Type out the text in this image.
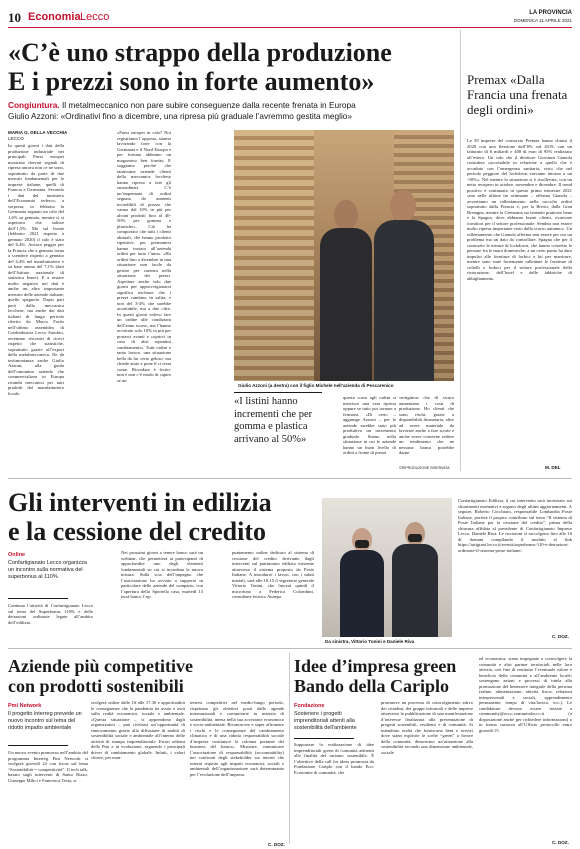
10 Economia Lecco	LA PROVINCIA
DOMENICA 11 APRILE 2021
«C’è uno strappo della produzione
E i prezzi sono in forte aumento»
Congiuntura. Il metalmeccanico non pare subire conseguenze dalla recente frenata in Europa
Giulio Azzoni: «Ordinativi fino a dicembre, una ripresa più graduale l’avremmo gestita meglio»
MARIA G. DELLA VECCHIA
LECCO
In questi giorni i dati della produzione industriale nei principali Paesi europei mostrano chevari segnali di ripresa ancora non ce ne sono, soprattutto da parte di due mercati fondamentali per le imprese italiane, quelli di Francia e Germania. Secondo i dati del ministero dell’Economia tedesco, a sorpresa, in febbraio la Germania segnato un calo del 1,6% su gennaio, mentre ci si aspettava che salisse dell’1,5%. Ma sul fronte (febbraio 2021 rispetto a gennaio 2020) il calo è stato del 6,4%. Ancora peggio per la Francia che a gennaio torna a scendere rispetto a gennaio del 4,4% nel manifatturiero e su base annua del 7,1% (dati dell’Istituto nazionale di statistica Insee). E a restare molto negativo nei dati è anche un altro importante mercato delle aziende italiane, quello spagnolo. Dapis part però dalla meccanica lecchese, ma anche dai dati italiani di lungo periodo riferito da Marco Fortis nell’ultimo assemblea di Confindustria Lecco Sondrio, avremmo riscontri di ricevi rispetto che statistiche, soprattutto grazie all’export della metalmeccanica. Ne dà testimonianza anche Giulio Azzoni, alla guida dell’omonima azienda che commercializza in Europa ricambi meccanici per tutti prodotti dal manifatturiero locale.
«Paesi europei in calo? Noi registriamo l’opposto, stiamo lavorando forte con la Germania e il Nord Europa e per fortuna abbiamo un magazzino ben fornito. E soggiamo perché che tantissime aziende clienti della meccanica lecchese hanno ripreso a fare gli straordinari. C’è un’impennata di ordini segnata da aumenti incredibili di prezzo che vanno dal 10% in più per alcuni prodotti fino al 40-50% per gomma e plastiche». Ciò ha comportato che tutti i clienti abituali, che hanno prodotto ripetitive, per premunirsi hanno inviato all’azienda ordini per tutto l’anno. «Ho ordini fino a dicembre in una situazione non facile da gestire per carenza nella situazione dei prezzi. Aspettare anche solo due giorni per approvvigionarsi significa rischiare che i prezzi cambino in salita, e non del 3-4% che sarebbe accettabile, ma a due cifre. In questi giorni volevo fare un ordine alle condizioni dell’anno scorso, ma l’hanno accettato solo 10% in più per portarci avanti e coprirci in caso di altri repentini cambiamenti». Tutti ordini e tanto lavoro, una situazione bella da far certo geloso, ma chiede aiuto e pone lì ci resta come. Ricordare è lecito: non è non c’è modo di capire se un
Giulio Azzoni (a destra) con il figlio Michele nell’azienda di Pescarenico
«I listini hanno incrementi che per gomma e plastica arrivano al 50%»
questa corsa agli ordini si inserisce una vera ripresa oppure se tutto poi tornare a fermarsi. «Di certo – aggiunge Azzoni – per le aziende sarebbe stato più produttivo un incremento graduale. Siamo nella situazione in cui le aziende hanno un buon livello di ordini a fronte di prezzi
vertiginosi che di sicuro aumentano i costi di produzione. Ho clienti che sono rischi, grazie a disponibilità finanziaria, oltre ad avere materiale da lavorare anche a fare scorte e anche avere conviene vedere un rendimento che ne nessuna banca potrebbe darne.
©RIPRODUZIONE RISERVATA
Premax «Dalla Francia una frenata degli ordini»
Le 39 imprese del consorzio Premax hanno chiuso il 2020 con una flessione dell’8% sul 2019, con un fatturato di 6 miliardi e 400 di euro di 95% realizzato all’estero. Un calo che il direttore Giovanni Gianola considera «accettabile in relazione a quello che è accaduto con l’emergenza sanitaria, visto che nel periodo peggiore del lockdown eravamo intorno a un -50%». Nel mentre la situazione si è risollevata, con un netto recupero in ottobre, novembre e dicembre. Il trend positivo è continuato in questo primo trimestre 2021 «ma nelle ultime tre settimane – afferma Gianola – avvertiamo un rallentamento nella raccolta ordini soprattutto dalla Francia e, per la Brexit, dalla Gran Bretagna, mentre la Germania sta tenendo piuttosto bene e la Spagna, dove abbiamo buoni clienti, ricaricate fornitiori per il settore professionale. Sembra non essere molto ripresa importante visto dalla scorso autunno». Un rallentamento che Gianola afferma non essere per ora un problema ma un dato da controllare. Spagna che per il consorzio le misure di lockdown, che hanno costretto le persone fra le mura domestiche, a un certo punto ha dato impulso alle forniture di forbici e kit per manicure, mentre sono state fortemente rallentate le forniture di coltelli e forbici per il settore professionale della ristorazione, dell’hotel e delle fabbriche di abbigliamento.
M. DEL
Gli interventi in edilizia
e la cessione del credito
Online
Confartigianato Lecco organizza un incontro sulla normativa del superbonus al 110%
Continua l’attività di Confartigianato Lecco sul tema del Superbonus 110% e delle detrazioni ordinarie legate all’ambito dell’edilizia.
Nei prossimi giorni a tenere banco sarà un webinar, che permetterà ai partecipanti di approfondire uno degli elementi fondamentali su cui si incardina la nuova misura. Sulla scia dell’impegno che l’associazione ha avviato a supporto in particolare delle aziende del comparto, con l’apertura dello Sportello casa, martedì 13 terrà banco l’ap-
puntamento online dedicato al sistema di cessione del credito derivante dagli interventi sul patrimonio edilizio esistente attraverso il sistema proposto da Poste Italiane. A introdurre i lavori, con i saluti iniziali, sarà alle 18.15 il segretario generale Vittorio Tonini, che lascerà quindi il microfono a Federica Colombini, consulente tecnico Anaepa
Da sinistra, Vittorio Tonini e Daniele Riva
Confartigianato Edilizia, il cui intervento sarà incentrato sui chiarimenti normativi a seguito degli ultimi aggiornamenti. A seguire, Roberto Cocchiaro, responsabile Lombardia Poste Italiane, porterà il proprio contributo sul tema “Il sistema di Poste Italiane per la cessione del credito”, prima della chiusura affidata al presidente di Confartigianato Imprese Lecco, Daniele Riva. Le iscrizioni si raccolgono fino alle 16 di domani compilando il modulo al link https://artigiani.lecco.it/eventi/superbonus-110-e-detrazioni-ordinarie-il-sistema-poste-italiane/.
C. DOZ.
Aziende più competitive
con prodotti sostenibili
Pmi Network
Il progetto interreg prevede un nuovo incontro sul tema del ridotto impatto ambientale
Un nuovo evento promosso nell’ambito del programma Interreg Pmi Network si svolgerà giovedì 22 con focus sul tema “Sostenibilità = competitività”. Il tech talk, basato sugli interventi di Santo Rizzo, Giuseppe Milici e Francesca Testa, si
svolgerà online dalle 16 alle 17.30 e approfondirà le conseguenze che la pandemia ha avuto e avrà sulla realtà economica, sociale e ambientale. «Questa situazione – si apprendono dagli organizzatori – può rivelarsi un’opportunità di rinnovamento grazie alla diffusione di ambiti di sostenibilità sociale e ambientale all’interno delle attività di stampo imprenditoriale. Errori odierni delle Pmi e in evoluzione, seguendo i principali driver di cambiamento globale. Infatti, i valori chiave, per man-
tenersi competitivi nel medio-lungo periodo, rispettano gli obiettivi posti dalle agende internazionali e comunitarie in materia di sostenibilità, intesa nella sua accezione economico e socio-ambientale. Riconoscere e saper affrontare i rischi e le conseguenze del cambiamento climatico e di una ridotta responsabilità sociale d’impresa costituisce la colonna portante del business del futuro». Misurare, comunicare l’associazione di responsabilità (accountability) nei confronti degli stakeholder sia interni che esterni rispetto agli impatti economici, sociali e ambientali dell’organizzazione sarà determinante per l’evoluzione dell’impresa.
C. DOZ.
Idee d’impresa green
Bando della Cariplo
Fondazione
Sostenere i progetti imprenditoriali attenti alla sostenibilità dell’ambiente
Supportare la realizzazione di idee imprenditoriali green di comunità aderenti alle finalità del turismo sostenibile. È l’obiettivo della call for ideas promossa da Fondazione Cariplo con il bando Eco: Economie di comunità, che
promuove un processo di coinvolgimento attivo dei cittadini, dei gruppi informali e delle imprese attraverso la pubblicazione di una manifestazione d’interesse finalizzata alla presentazione di progetti sostenibili, resilienti e di comunità. Si intendono realtà che forniscano beni o servizi dove siano esplicite le scelte “green” a favore della comunità, dimostrino un’attenzione alla sostenibilità secondo una dimensione ambientale, sociale
ed economica; siano impegnate a coinvolgere la comunità e altri partner territoriali nelle loro attività, crei fine di restituire l’eventuale valore e beneficio della comunità e all’ambiente locale; sostengano azioni e processi di tutela alla promozione del benessere integrale della persona (salute, alimentazione, attività fisica, relazioni interpersonali e sociali, apprendimento permanente, tempo di vita/lavoro, ecc.). Le candidature devono essere inviate a community@ecco.comunitalecco.it (a disposizione anche per richiedere informazioni) o in forma cartacea all’Ufficio protocollo entro giovedì 15.
C. DOZ.
